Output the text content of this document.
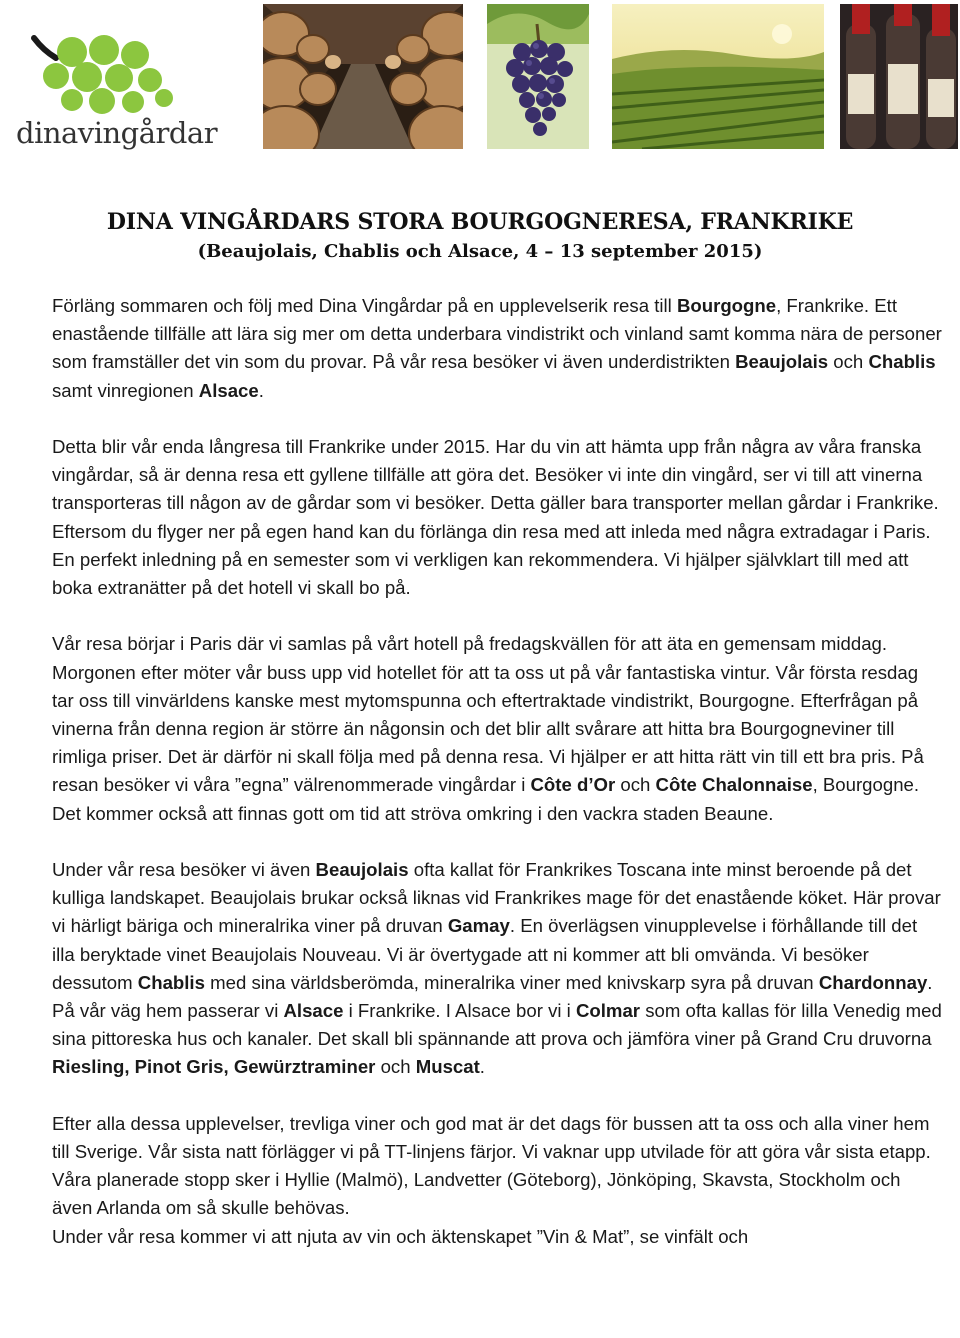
dinavingårdar
DINA VINGÅRDARS STORA BOURGOGNERESA, FRANKRIKE
(Beaujolais, Chablis och Alsace, 4 – 13 september 2015)

Förläng sommaren och följ med Dina Vingårdar på en upplevelserik resa till Bourgogne, Frankrike. Ett enastående tillfälle att lära sig mer om detta underbara vindistrikt och vinland samt komma nära de personer som framställer det vin som du provar. På vår resa besöker vi även underdistrikten Beaujolais och Chablis samt vinregionen Alsace.

Detta blir vår enda långresa till Frankrike under 2015. Har du vin att hämta upp från några av våra franska vingårdar, så är denna resa ett gyllene tillfälle att göra det. Besöker vi inte din vingård, ser vi till att vinerna transporteras till någon av de gårdar som vi besöker. Detta gäller bara transporter mellan gårdar i Frankrike. Eftersom du flyger ner på egen hand kan du förlänga din resa med att inleda med några extradagar i Paris. En perfekt inledning på en semester som vi verkligen kan rekommendera. Vi hjälper självklart till med att boka extranätter på det hotell vi skall bo på.

Vår resa börjar i Paris där vi samlas på vårt hotell på fredagskvällen för att äta en gemensam middag. Morgonen efter möter vår buss upp vid hotellet för att ta oss ut på vår fantastiska vintur. Vår första resdag tar oss till vinvärldens kanske mest mytomspunna och eftertraktade vindistrikt, Bourgogne. Efterfrågan på vinerna från denna region är större än någonsin och det blir allt svårare att hitta bra Bourgogneviner till rimliga priser. Det är därför ni skall följa med på denna resa. Vi hjälper er att hitta rätt vin till ett bra pris. På resan besöker vi våra ”egna” välrenommerade vingårdar i Côte d’Or och Côte Chalonnaise, Bourgogne. Det kommer också att finnas gott om tid att ströva omkring i den vackra staden Beaune.

Under vår resa besöker vi även Beaujolais ofta kallat för Frankrikes Toscana inte minst beroende på det kulliga landskapet. Beaujolais brukar också liknas vid Frankrikes mage för det enastående köket. Här provar vi härligt bäriga och mineralrika viner på druvan Gamay. En överlägsen vinupplevelse i förhållande till det illa beryktade vinet Beaujolais Nouveau. Vi är övertygade att ni kommer att bli omvända. Vi besöker dessutom Chablis med sina världsberömda, mineralrika viner med knivskarp syra på druvan Chardonnay. På vår väg hem passerar vi Alsace i Frankrike. I Alsace bor vi i Colmar som ofta kallas för lilla Venedig med sina pittoreska hus och kanaler. Det skall bli spännande att prova och jämföra viner på Grand Cru druvorna Riesling, Pinot Gris, Gewürztraminer och Muscat.

Efter alla dessa upplevelser, trevliga viner och god mat är det dags för bussen att ta oss och alla viner hem till Sverige. Vår sista natt förlägger vi på TT-linjens färjor. Vi vaknar upp utvilade för att göra vår sista etapp. Våra planerade stopp sker i Hyllie (Malmö), Landvetter (Göteborg), Jönköping, Skavsta, Stockholm och även Arlanda om så skulle behövas.

Under vår resa kommer vi att njuta av vin och äktenskapet ”Vin & Mat”, se vinfält och
